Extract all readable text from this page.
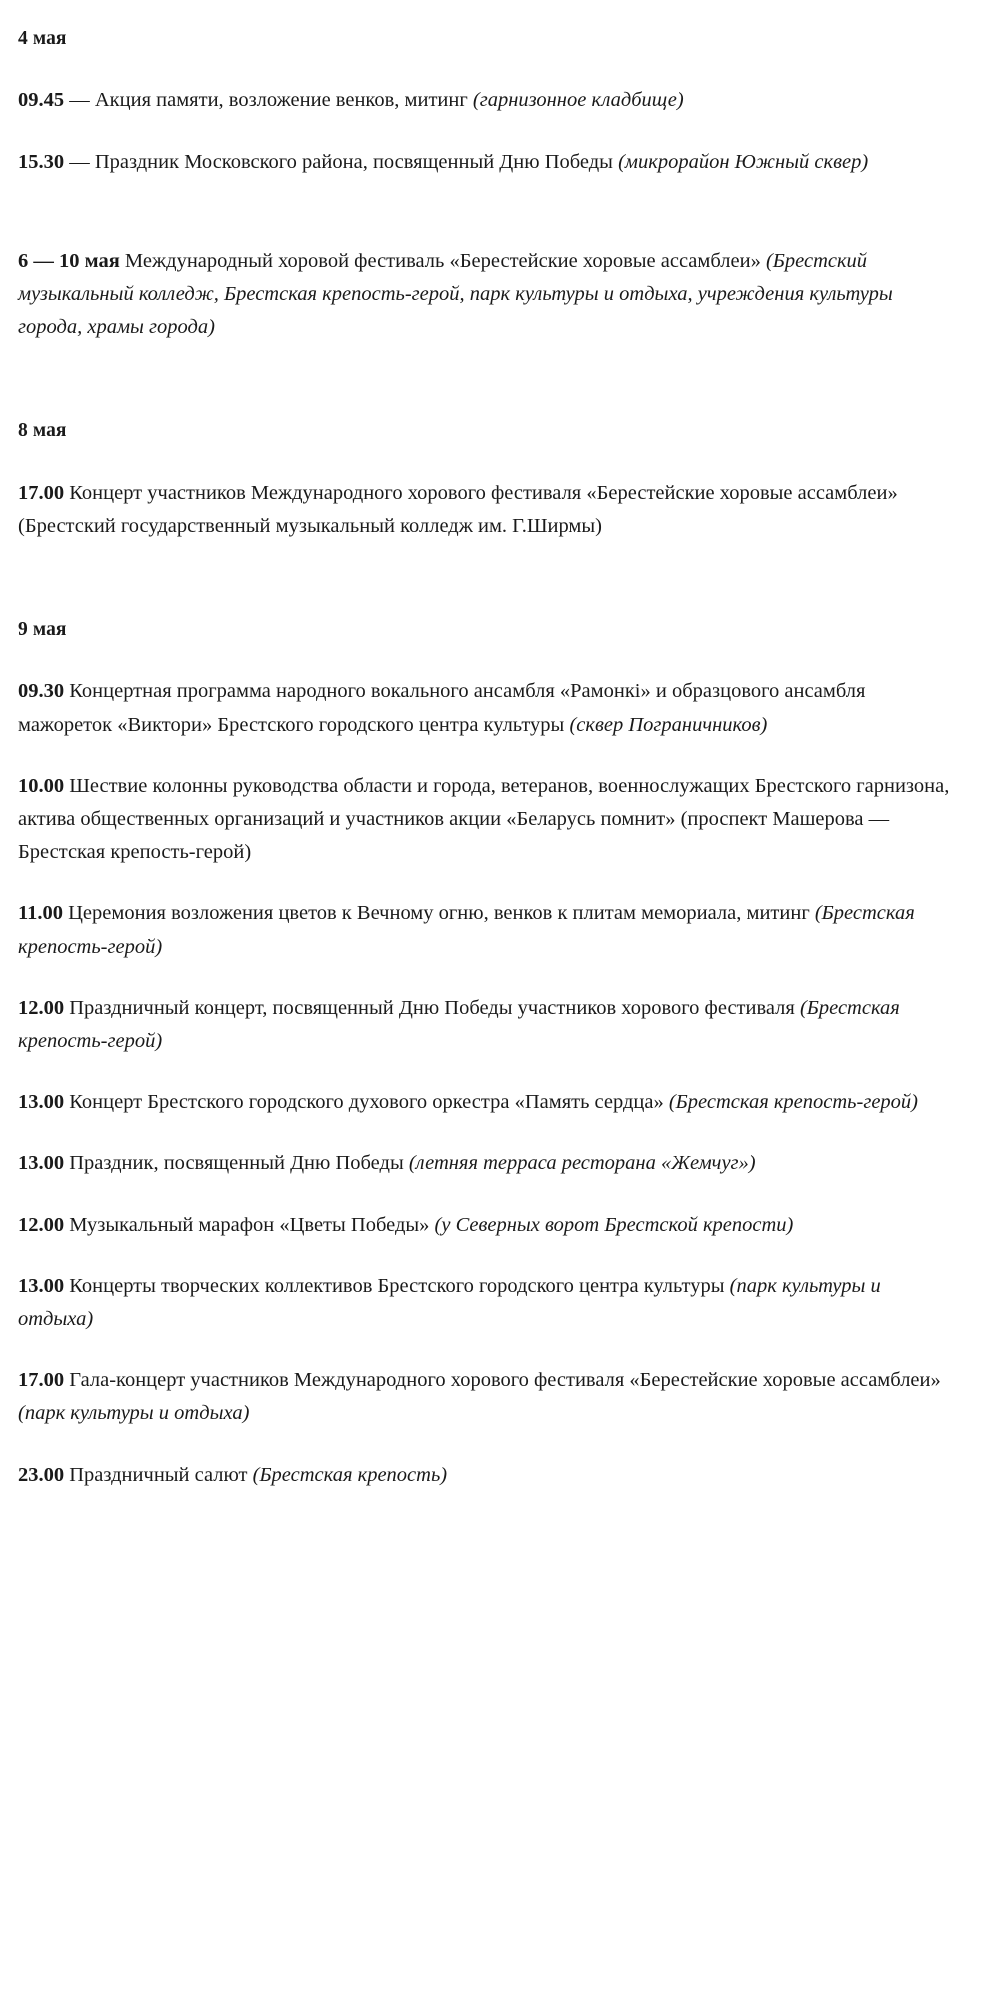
4 мая

09.45 — Акция памяти, возложение венков, митинг (гарнизонное кладбище)

15.30 — Праздник Московского района, посвященный Дню Победы (микрорайон Южный сквер)

6 — 10 мая Международный хоровой фестиваль «Берестейские хоровые ассамблеи» (Брестский музыкальный колледж, Брестская крепость-герой, парк культуры и отдыха, учреждения культуры города, храмы города)

8 мая

17.00 Концерт участников Международного хорового фестиваля «Берестейские хоровые ассамблеи» (Брестский государственный музыкальный колледж им. Г.Ширмы)

9 мая

09.30 Концертная программа народного вокального ансамбля «Рамонкі» и образцового ансамбля мажореток «Виктори» Брестского городского центра культуры (сквер Пограничников)

10.00 Шествие колонны руководства области и города, ветеранов, военнослужащих Брестского гарнизона, актива общественных организаций и участников акции «Беларусь помнит» (проспект Машерова — Брестская крепость-герой)

11.00 Церемония возложения цветов к Вечному огню, венков к плитам мемориала, митинг (Брестская крепость-герой)

12.00 Праздничный концерт, посвященный Дню Победы участников хорового фестиваля (Брестская крепость-герой)

13.00 Концерт Брестского городского духового оркестра «Память сердца» (Брестская крепость-герой)

13.00 Праздник, посвященный Дню Победы (летняя терраса ресторана «Жемчуг»)

12.00 Музыкальный марафон «Цветы Победы» (у Северных ворот Брестской крепости)

13.00 Концерты творческих коллективов Брестского городского центра культуры (парк культуры и отдыха)

17.00 Гала-концерт участников Международного хорового фестиваля «Берестейские хоровые ассамблеи» (парк культуры и отдыха)

23.00 Праздничный салют (Брестская крепость)
